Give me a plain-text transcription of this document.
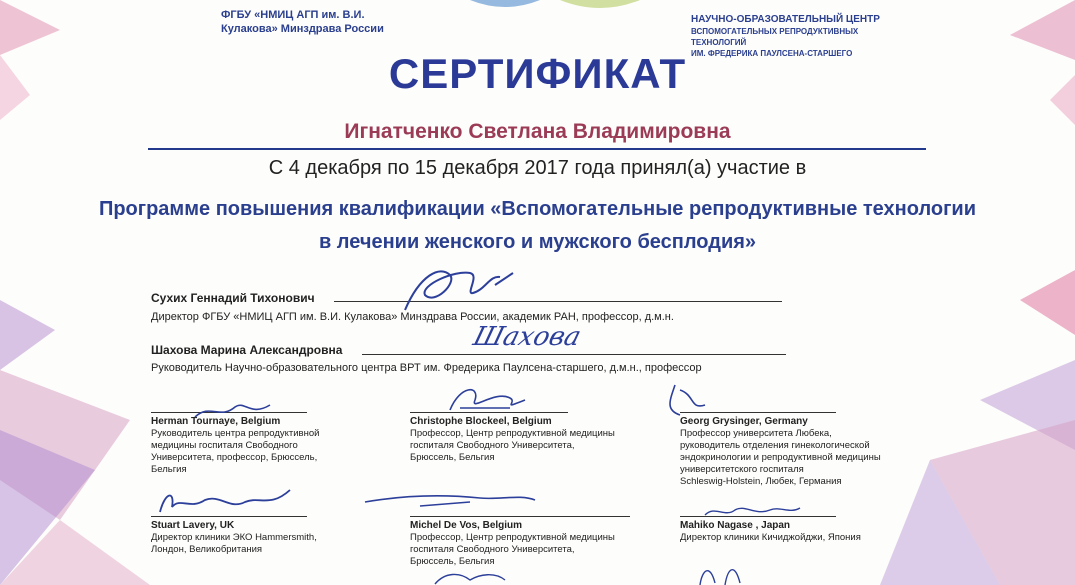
ФГБУ «НМИЦ АГП им. В.И.
Кулакова» Минздрава России
НАУЧНО-ОБРАЗОВАТЕЛЬНЫЙ ЦЕНТР
ВСПОМОГАТЕЛЬНЫХ РЕПРОДУКТИВНЫХ ТЕХНОЛОГИЙ
ИМ. ФРЕДЕРИКА ПАУЛСЕНА-СТАРШЕГО
СЕРТИФИКАТ
Игнатченко Светлана Владимировна
С 4 декабря по 15 декабря 2017 года принял(а) участие в
Программе повышения квалификации «Вспомогательные репродуктивные технологии
в лечении женского и мужского бесплодия»
Сухих Геннадий Тихонович
Директор ФГБУ «НМИЦ АГП им. В.И. Кулакова» Минздрава России, академик РАН, профессор, д.м.н.
Шахова Марина Александровна
Руководитель Научно-образовательного центра ВРТ им. Фредерика Паулсена-старшего, д.м.н., профессор
Шахова
Herman Tournaye, Belgium
Руководитель центра репродуктивной
медицины госпиталя Свободного
Университета, профессор, Брюссель,
Бельгия
Christophe Blockeel, Belgium
Профессор, Центр репродуктивной медицины
госпиталя Свободного Университета,
Брюссель, Бельгия
Georg Grysinger, Germany
Профессор университета Любека,
руководитель отделения гинекологической
эндокринологии и репродуктивной медицины
университетского госпиталя
Schleswig-Holstein, Любек, Германия
Stuart Lavery, UK
Директор клиники ЭКО Hammersmith,
Лондон, Великобритания
Michel De Vos, Belgium
Профессор, Центр репродуктивной медицины
госпиталя Свободного Университета,
Брюссель, Бельгия
Mahiko Nagase , Japan
Директор клиники Кичиджойджи, Япония
